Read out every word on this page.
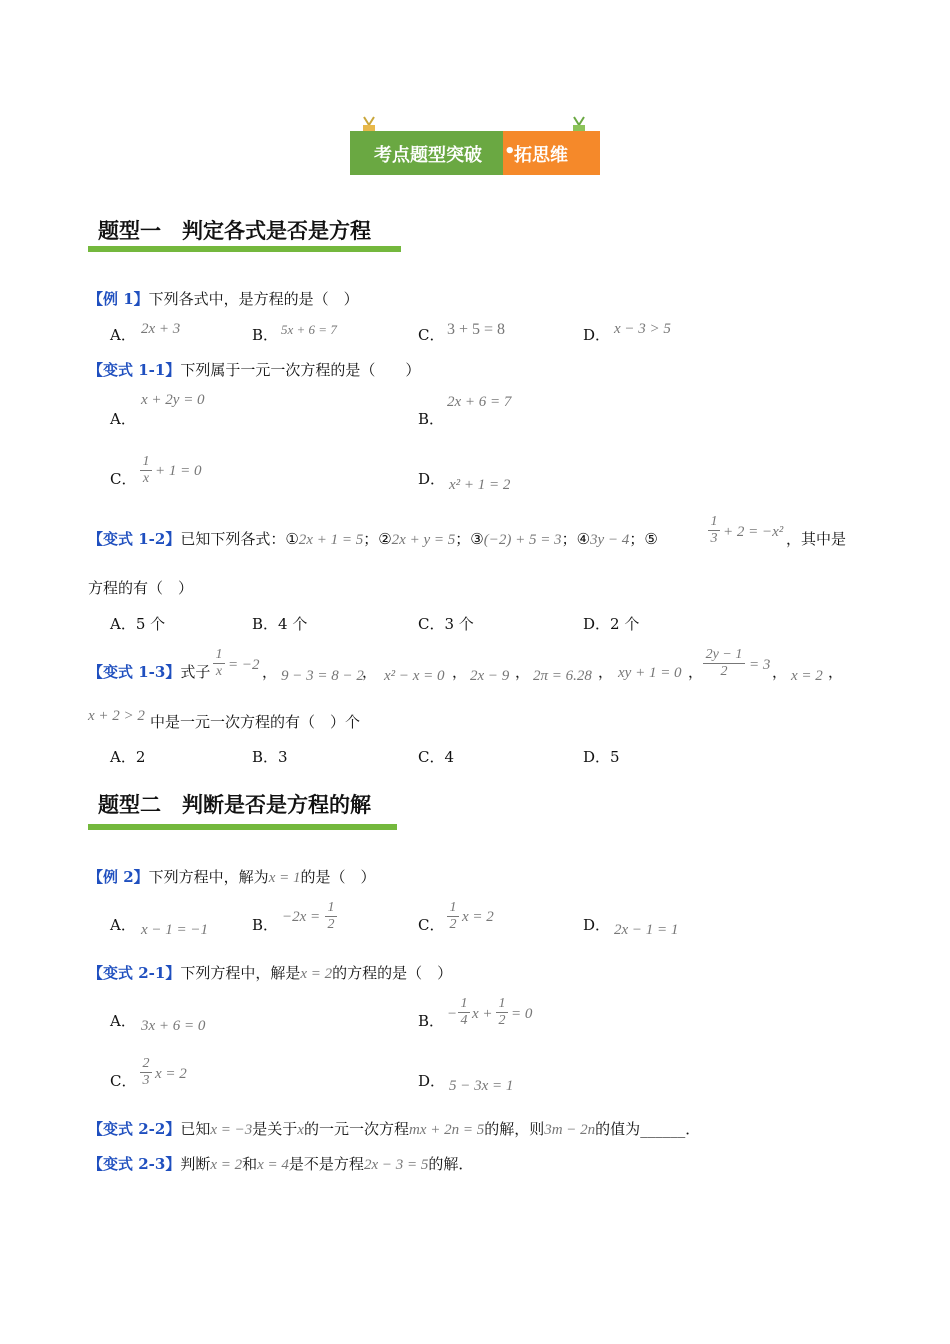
考点题型突破 •
拓思维
题型一　判定各式是否是方程
【例 1】下列各式中，是方程的是（　）
A． 2x + 3	B． 5x + 6 = 7	C． 3 + 5 = 8	D． x − 3 > 5
【变式 1-1】下列属于一元一次方程的是（　　）
A．
x + 2y = 0
B．
2x + 6 = 7
C． $\frac{1}{x} + 1 = 0$	D． x² + 1 = 2
【变式 1-2】已知下列各式：①2x + 1 = 5；②2x + y = 5；③(−2) + 5 = 3；④3y − 4；⑤	$\frac{1}{3} + 2 = -x^2$ ，其中是
方程的有（　）
A．5 个	B．4 个	C．3 个	D．2 个
【变式 1-3】式子 $\frac{1}{x} = -2$ ， 9 − 3 = 8 − 2
， x² − x = 0 ， 2x − 9 ， 2π = 6.28 ， xy + 1 = 0 ， $\frac{2y - 1}{2} = 3$ ， x = 2 ，
x + 2 > 2 中是一元一次方程的有（　）个
A．2	B．3	C．4	D．5
题型二　判断是否是方程的解
【例 2】下列方程中，解为x = 1的是（　）
A． x − 1 = −1	B． $-2x = \frac{1}{2}$	C． $\frac{1}{2}$ x = 2	D． 2x − 1 = 1
【变式 2-1】下列方程中，解是x = 2的方程的是（　）
A． 3x + 6 = 0	B． − $\frac{1}{4}$ $x + \frac{1}{2} = 0$
C． $\frac{2}{3}$ x = 2	D． 5 − 3x = 1
【变式 2-2】已知x = −3是关于x的一元一次方程mx + 2n = 5的解，则3m − 2n的值为______．
【变式 2-3】判断x = 2和x = 4是不是方程2x − 3 = 5的解．
